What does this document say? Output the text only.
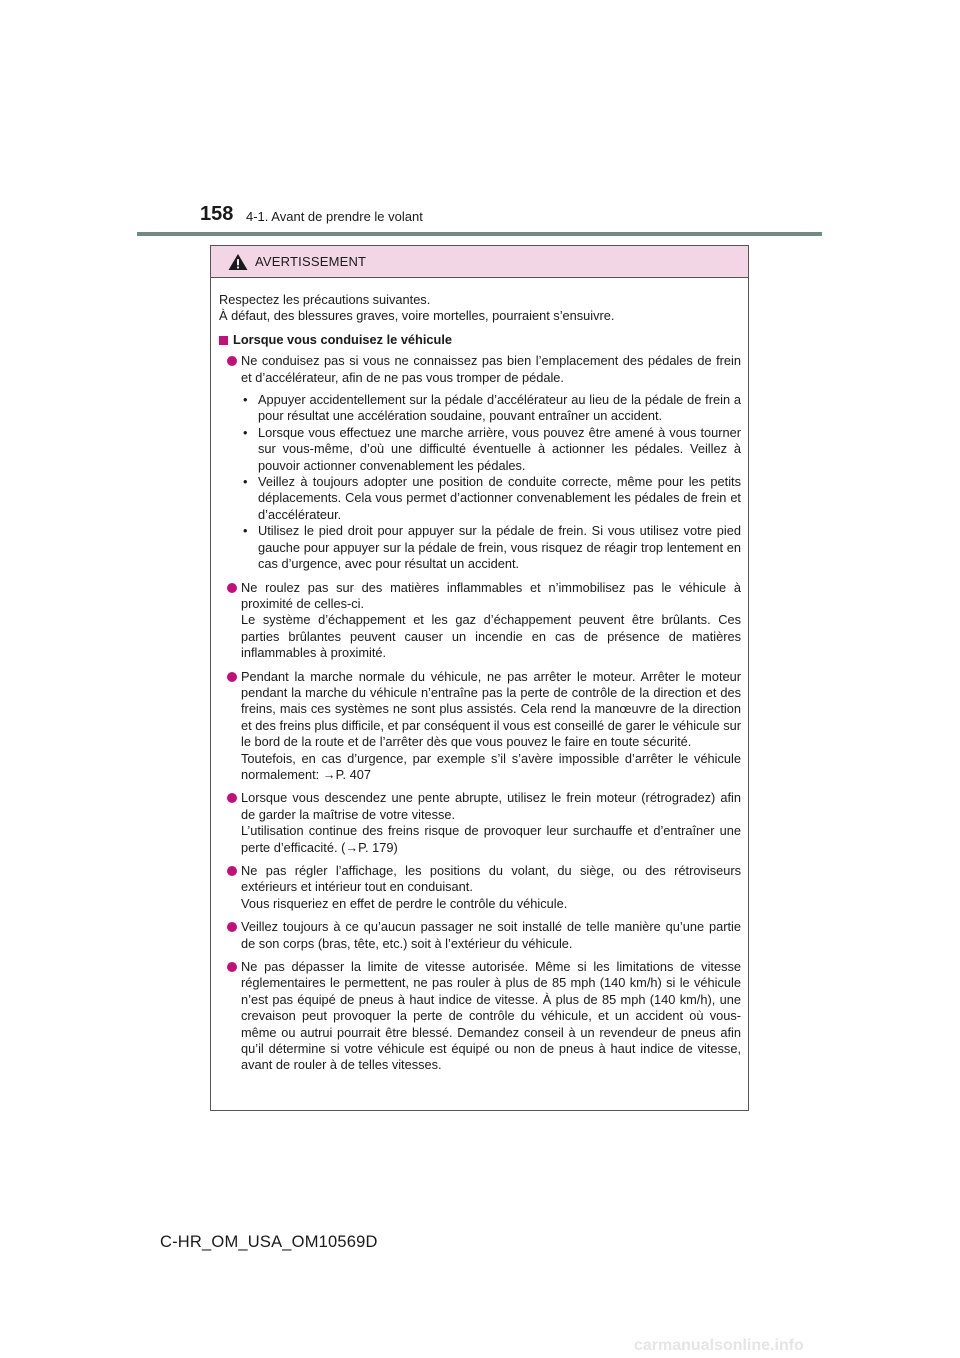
158 4-1. Avant de prendre le volant
AVERTISSEMENT

Respectez les précautions suivantes.

À défaut, des blessures graves, voire mortelles, pourraient s’ensuivre.

Lorsque vous conduisez le véhicule

Ne conduisez pas si vous ne connaissez pas bien l’emplacement des pédales de frein et d’accélérateur, afin de ne pas vous tromper de pédale.

• Appuyer accidentellement sur la pédale d’accélérateur au lieu de la pédale de frein a pour résultat une accélération soudaine, pouvant entraîner un accident.
• Lorsque vous effectuez une marche arrière, vous pouvez être amené à vous tourner sur vous-même, d’où une difficulté éventuelle à actionner les pédales. Veillez à pouvoir actionner convenablement les pédales.
• Veillez à toujours adopter une position de conduite correcte, même pour les petits déplacements. Cela vous permet d’actionner convenablement les pédales de frein et d’accélérateur.
• Utilisez le pied droit pour appuyer sur la pédale de frein. Si vous utilisez votre pied gauche pour appuyer sur la pédale de frein, vous risquez de réagir trop lentement en cas d’urgence, avec pour résultat un accident.

Ne roulez pas sur des matières inflammables et n’immobilisez pas le véhicule à proximité de celles-ci.

Le système d’échappement et les gaz d’échappement peuvent être brûlants. Ces parties brûlantes peuvent causer un incendie en cas de présence de matières inflammables à proximité.

Pendant la marche normale du véhicule, ne pas arrêter le moteur. Arrêter le moteur pendant la marche du véhicule n’entraîne pas la perte de contrôle de la direction et des freins, mais ces systèmes ne sont plus assistés. Cela rend la manœuvre de la direction et des freins plus difficile, et par conséquent il vous est conseillé de garer le véhicule sur le bord de la route et de l’arrêter dès que vous pouvez le faire en toute sécurité.

Toutefois, en cas d’urgence, par exemple s’il s’avère impossible d’arrêter le véhicule normalement: →P. 407

Lorsque vous descendez une pente abrupte, utilisez le frein moteur (rétrogradez) afin de garder la maîtrise de votre vitesse.

L’utilisation continue des freins risque de provoquer leur surchauffe et d’entraîner une perte d’efficacité. (→P. 179)

Ne pas régler l’affichage, les positions du volant, du siège, ou des rétroviseurs extérieurs et intérieur tout en conduisant.

Vous risqueriez en effet de perdre le contrôle du véhicule.

Veillez toujours à ce qu’aucun passager ne soit installé de telle manière qu’une partie de son corps (bras, tête, etc.) soit à l’extérieur du véhicule.

Ne pas dépasser la limite de vitesse autorisée. Même si les limitations de vitesse réglementaires le permettent, ne pas rouler à plus de 85 mph (140 km/h) si le véhicule n’est pas équipé de pneus à haut indice de vitesse. À plus de 85 mph (140 km/h), une crevaison peut provoquer la perte de contrôle du véhicule, et un accident où vous-même ou autrui pourrait être blessé. Demandez conseil à un revendeur de pneus afin qu’il détermine si votre véhicule est équipé ou non de pneus à haut indice de vitesse, avant de rouler à de telles vitesses.

C-HR_OM_USA_OM10569D
carmanualsonline.info
